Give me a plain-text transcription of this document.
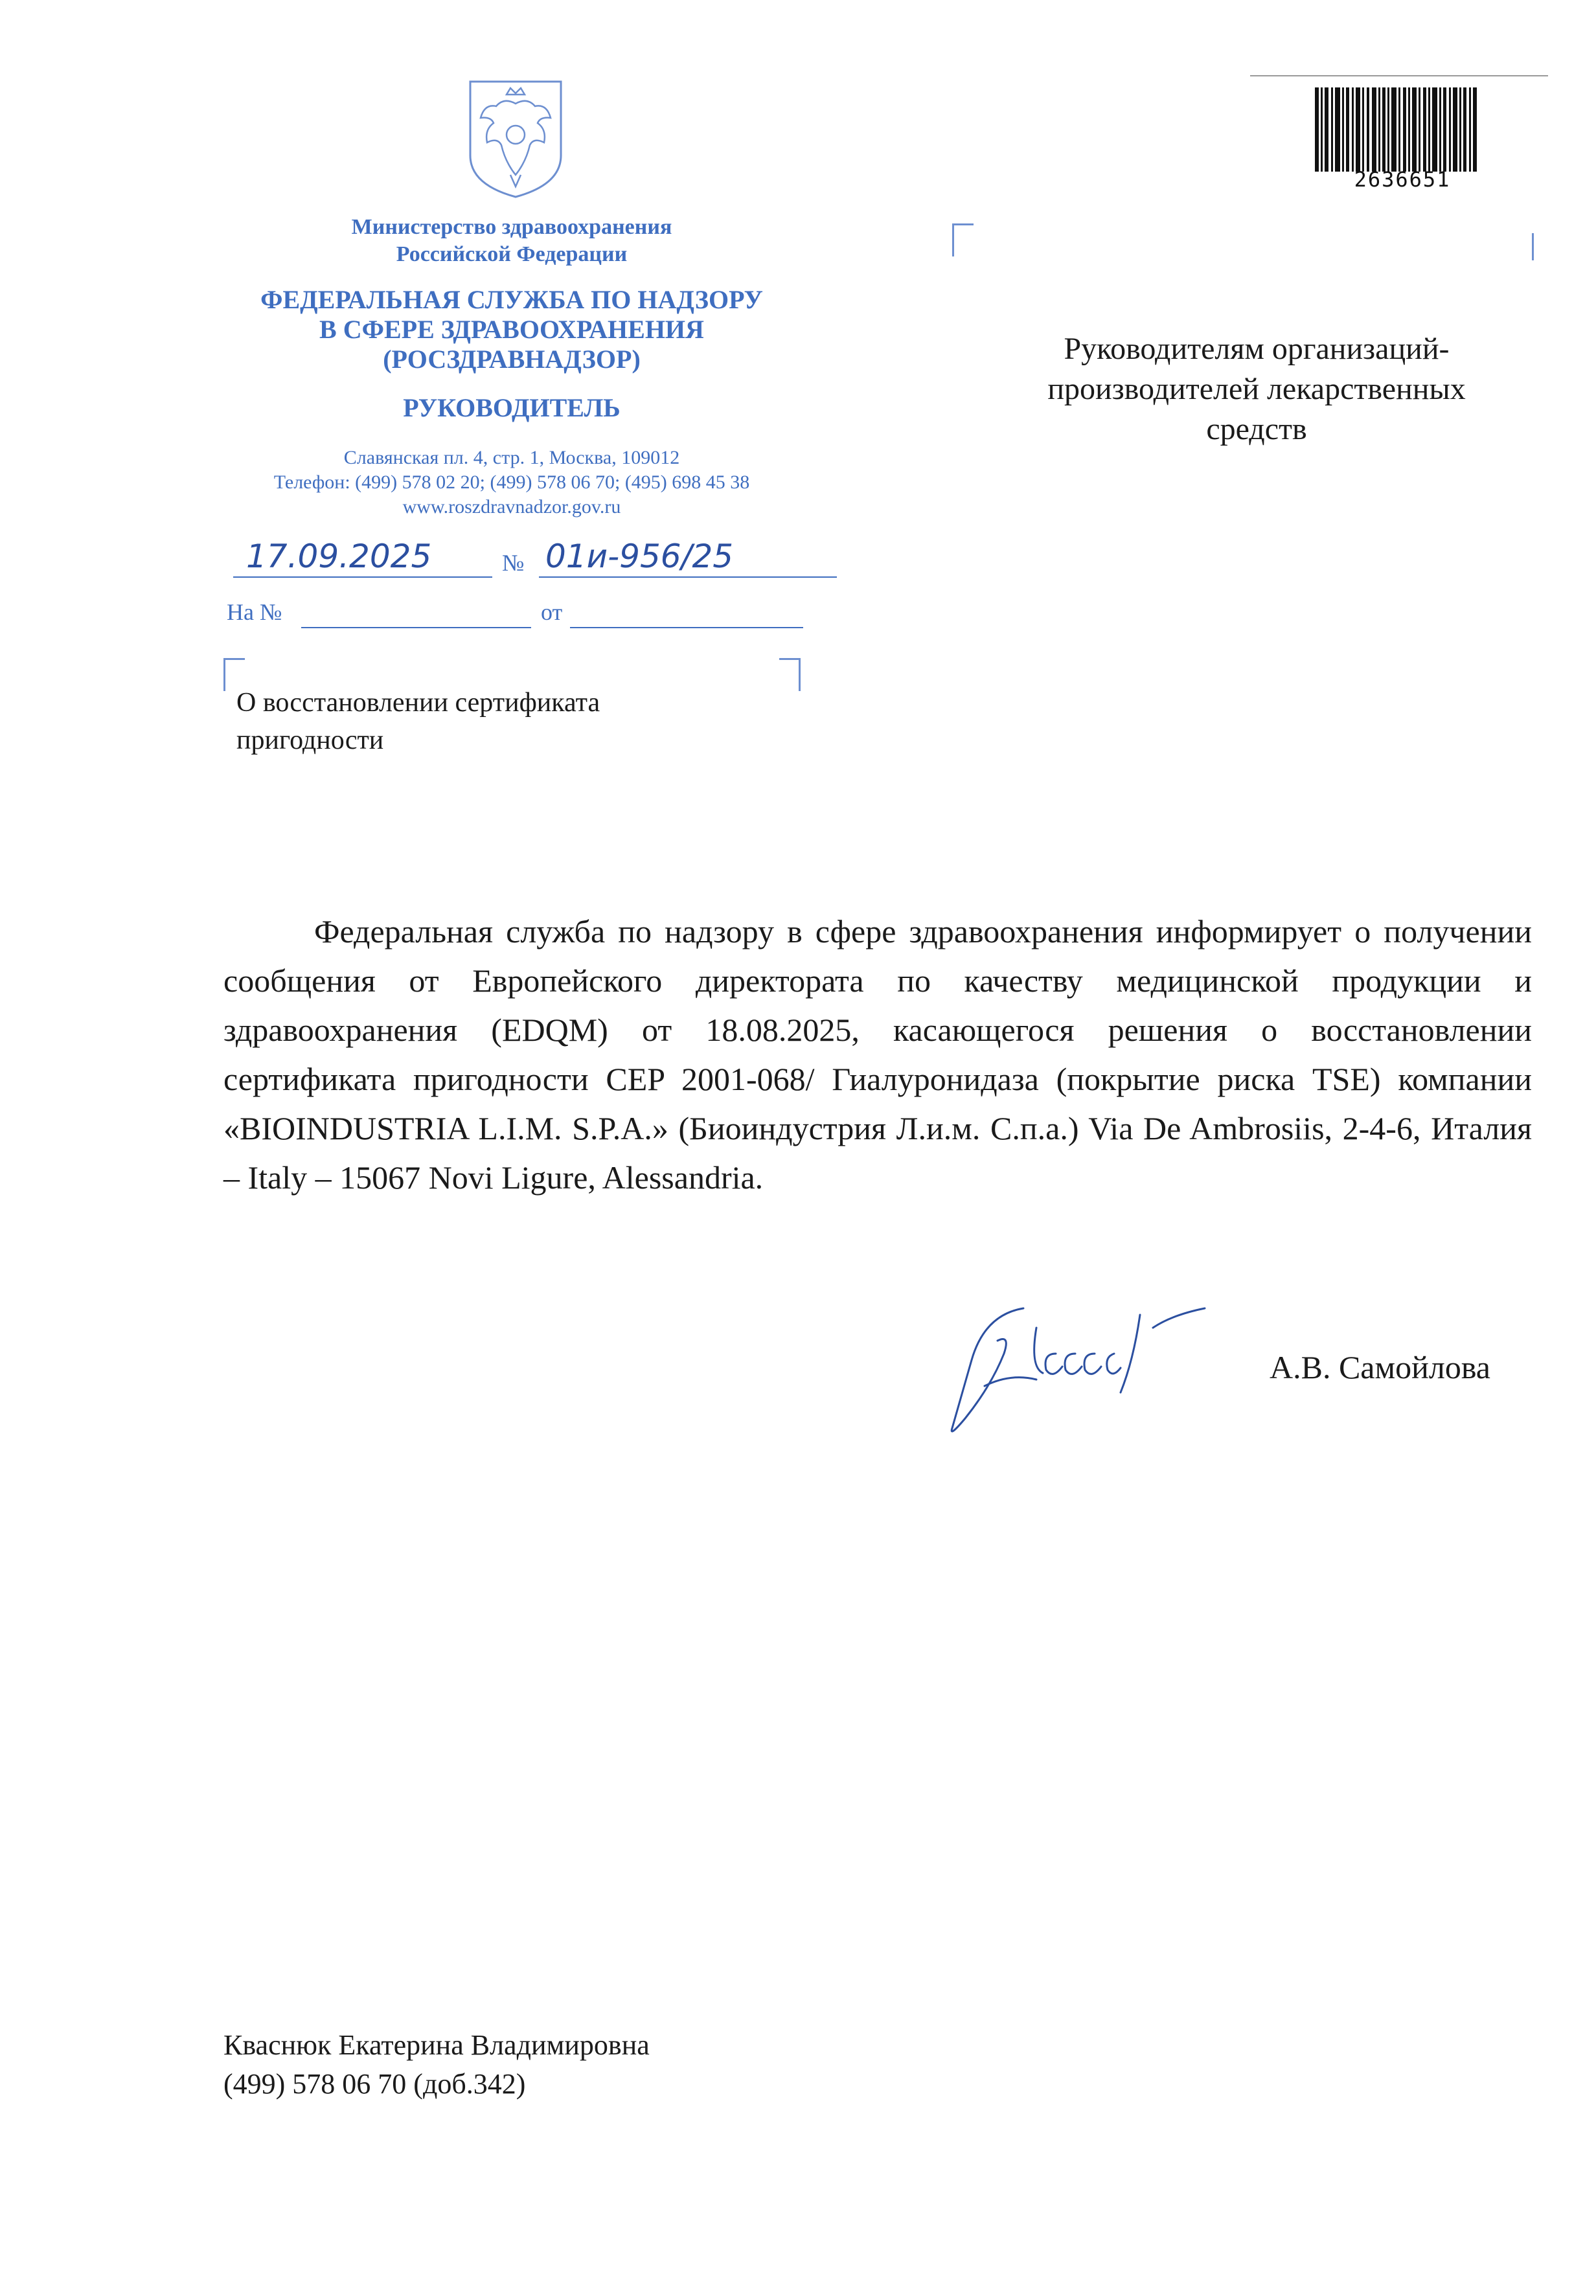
Министерство здравоохранения
Российской Федерации
ФЕДЕРАЛЬНАЯ СЛУЖБА ПО НАДЗОРУ
В СФЕРЕ ЗДРАВООХРАНЕНИЯ
(РОСЗДРАВНАДЗОР)
РУКОВОДИТЕЛЬ
Славянская пл. 4, стр. 1, Москва, 109012
Телефон: (499) 578 02 20; (499) 578 06 70; (495) 698 45 38
www.roszdravnadzor.gov.ru
17.09.2025	№ 01и-956/25
На №	от
2636651
Руководителям организаций-
производителей лекарственных
средств
О восстановлении сертификата
пригодности
Федеральная служба по надзору в сфере здравоохранения информирует о получении сообщения от Европейского директората по качеству медицинской продукции и здравоохранения (EDQM) от 18.08.2025, касающегося решения о восстановлении сертификата пригодности CEP 2001-068/ Гиалуронидаза (покрытие риска TSE) компании «BIOINDUSTRIA L.I.M. S.P.A.» (Биоиндустрия Л.и.м. С.п.а.) Via De Ambrosiis, 2-4-6, Италия – Italy – 15067 Novi Ligure, Alessandria.
А.В. Самойлова
Кваснюк Екатерина Владимировна
(499) 578 06 70 (доб.342)
